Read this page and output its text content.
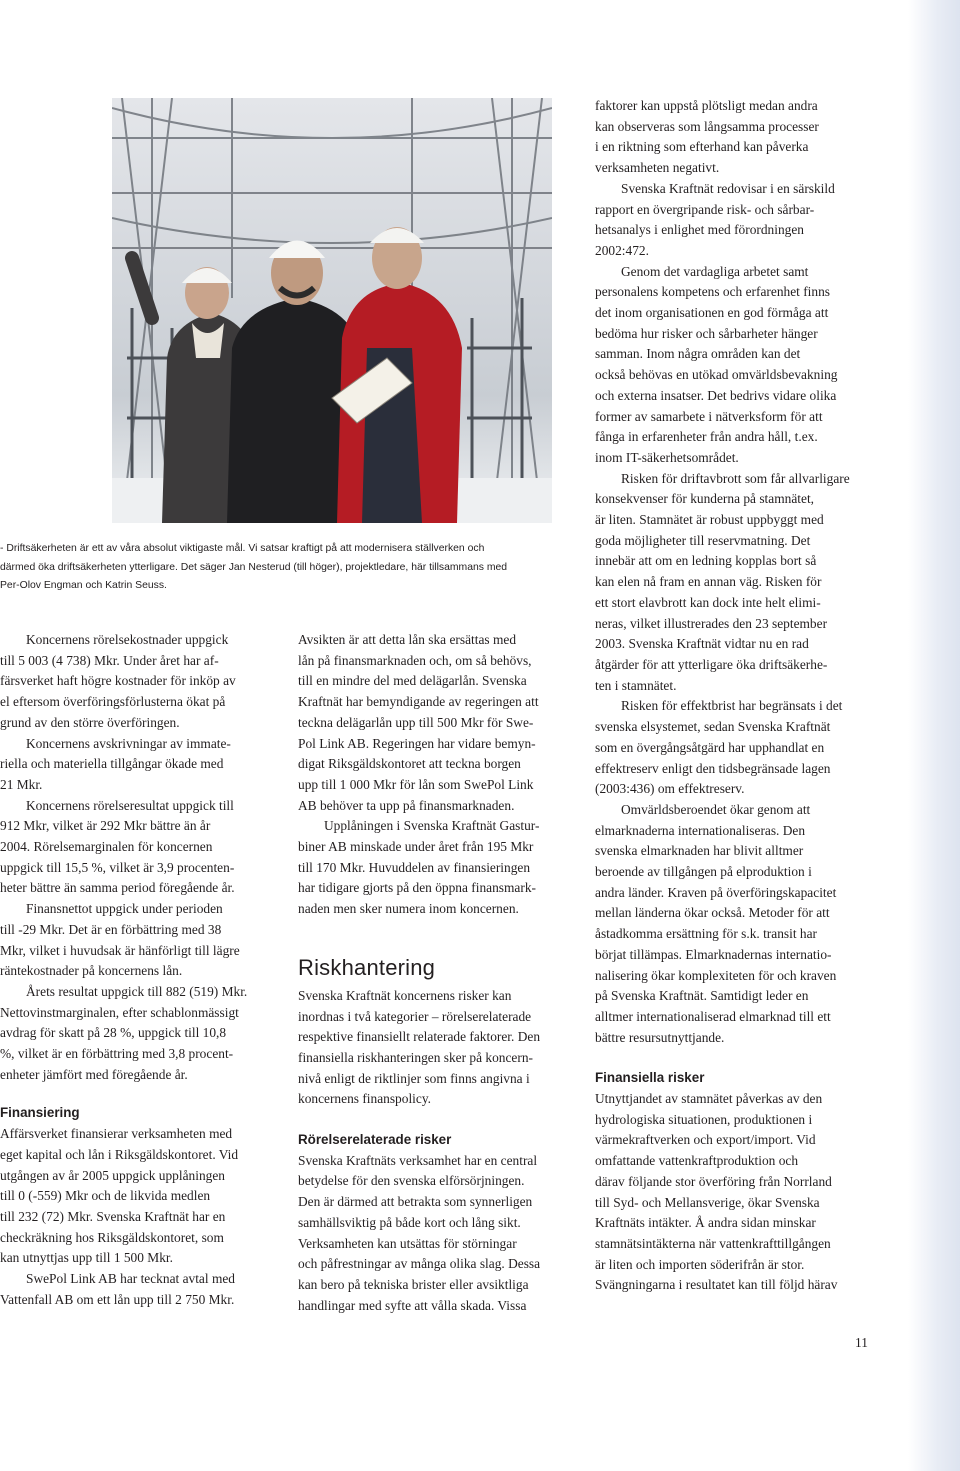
- Driftsäkerheten är ett av våra absolut viktigaste mål. Vi satsar kraftigt på att modernisera ställverken och

därmed öka driftsäkerheten ytterligare. Det säger Jan Nesterud (till höger), projektledare, här tillsammans med

Per-Olov Engman och Katrin Seuss.

Koncernens rörelsekostnader uppgick

till 5 003 (4 738) Mkr. Under året har af-

färsverket haft högre kostnader för inköp av

el eftersom överföringsförlusterna ökat på

grund av den större överföringen.

Koncernens avskrivningar av immate-

riella och materiella tillgångar ökade med

21 Mkr.

Koncernens rörelseresultat uppgick till

912 Mkr, vilket är 292 Mkr bättre än år

2004. Rörelsemarginalen för koncernen

uppgick till 15,5 %, vilket är 3,9 procenten-

heter bättre än samma period föregående år.

Finansnettot uppgick under perioden

till -29 Mkr. Det är en förbättring med 38

Mkr, vilket i huvudsak är hänförligt till lägre

räntekostnader på koncernens lån.

Årets resultat uppgick till 882 (519) Mkr.

Nettovinstmarginalen, efter schablonmässigt

avdrag för skatt på 28 %, uppgick till 10,8

%, vilket är en förbättring med 3,8 procent-

enheter jämfört med föregående år.

Finansiering

Affärsverket finansierar verksamheten med

eget kapital och lån i Riksgäldskontoret. Vid

utgången av år 2005 uppgick upplåningen

till 0 (-559) Mkr och de likvida medlen

till 232 (72) Mkr. Svenska Kraftnät har en

checkräkning hos Riksgäldskontoret, som

kan utnyttjas upp till 1 500 Mkr.

SwePol Link AB har tecknat avtal med

Vattenfall AB om ett lån upp till 2 750 Mkr.

Avsikten är att detta lån ska ersättas med

lån på finansmarknaden och, om så behövs,

till en mindre del med delägarlån. Svenska

Kraftnät har bemyndigande av regeringen att

teckna delägarlån upp till 500 Mkr för Swe-

Pol Link AB. Regeringen har vidare bemyn-

digat Riksgäldskontoret att teckna borgen

upp till 1 000 Mkr för lån som SwePol Link

AB behöver ta upp på finansmarknaden.

Upplåningen i Svenska Kraftnät Gastur-

biner AB minskade under året från 195 Mkr

till 170 Mkr. Huvuddelen av finansieringen

har tidigare gjorts på den öppna finansmark-

naden men sker numera inom koncernen.

Riskhantering

Svenska Kraftnät koncernens risker kan

inordnas i två kategorier – rörelserelaterade

respektive finansiellt relaterade faktorer. Den

finansiella riskhanteringen sker på koncern-

nivå enligt de riktlinjer som finns angivna i

koncernens finanspolicy.

Rörelserelaterade risker

Svenska Kraftnäts verksamhet har en central

betydelse för den svenska elförsörjningen.

Den är därmed att betrakta som synnerligen

samhällsviktig på både kort och lång sikt.

Verksamheten kan utsättas för störningar

och påfrestningar av många olika slag. Dessa

kan bero på tekniska brister eller avsiktliga

handlingar med syfte att vålla skada. Vissa

faktorer kan uppstå plötsligt medan andra

kan observeras som långsamma processer

i en riktning som efterhand kan påverka

verksamheten negativt.

Svenska Kraftnät redovisar i en särskild

rapport en övergripande risk- och sårbar-

hetsanalys i enlighet med förordningen

2002:472.

Genom det vardagliga arbetet samt

personalens kompetens och erfarenhet finns

det inom organisationen en god förmåga att

bedöma hur risker och sårbarheter hänger

samman. Inom några områden kan det

också behövas en utökad omvärldsbevakning

och externa insatser. Det bedrivs vidare olika

former av samarbete i nätverksform för att

fånga in erfarenheter från andra håll, t.ex.

inom IT-säkerhetsområdet.

Risken för driftavbrott som får allvarligare

konsekvenser för kunderna på stamnätet,

är liten. Stamnätet är robust uppbyggt med

goda möjligheter till reservmatning. Det

innebär att om en ledning kopplas bort så

kan elen nå fram en annan väg. Risken för

ett stort elavbrott kan dock inte helt elimi-

neras, vilket illustrerades den 23 september

2003. Svenska Kraftnät vidtar nu en rad

åtgärder för att ytterligare öka driftsäkerhe-

ten i stamnätet.

Risken för effektbrist har begränsats i det

svenska elsystemet, sedan Svenska Kraftnät

som en övergångsåtgärd har upphandlat en

effektreserv enligt den tidsbegränsade lagen

(2003:436) om effektreserv.

Omvärldsberoendet ökar genom att

elmarknaderna internationaliseras. Den

svenska elmarknaden har blivit alltmer

beroende av tillgången på elproduktion i

andra länder. Kraven på överföringskapacitet

mellan länderna ökar också. Metoder för att

åstadkomma ersättning för s.k. transit har

börjat tillämpas. Elmarknadernas internatio-

nalisering ökar komplexiteten för och kraven

på Svenska Kraftnät. Samtidigt leder en

alltmer internationaliserad elmarknad till ett

bättre resursutnyttjande.

Finansiella risker

Utnyttjandet av stamnätet påverkas av den

hydrologiska situationen, produktionen i

värmekraftverken och export/import. Vid

omfattande vattenkraftproduktion och

därav följande stor överföring från Norrland

till Syd- och Mellansverige, ökar Svenska

Kraftnäts intäkter. Å andra sidan minskar

stamnätsintäkterna när vattenkrafttillgången

är liten och importen söderifrån är stor.

Svängningarna i resultatet kan till följd härav

11
